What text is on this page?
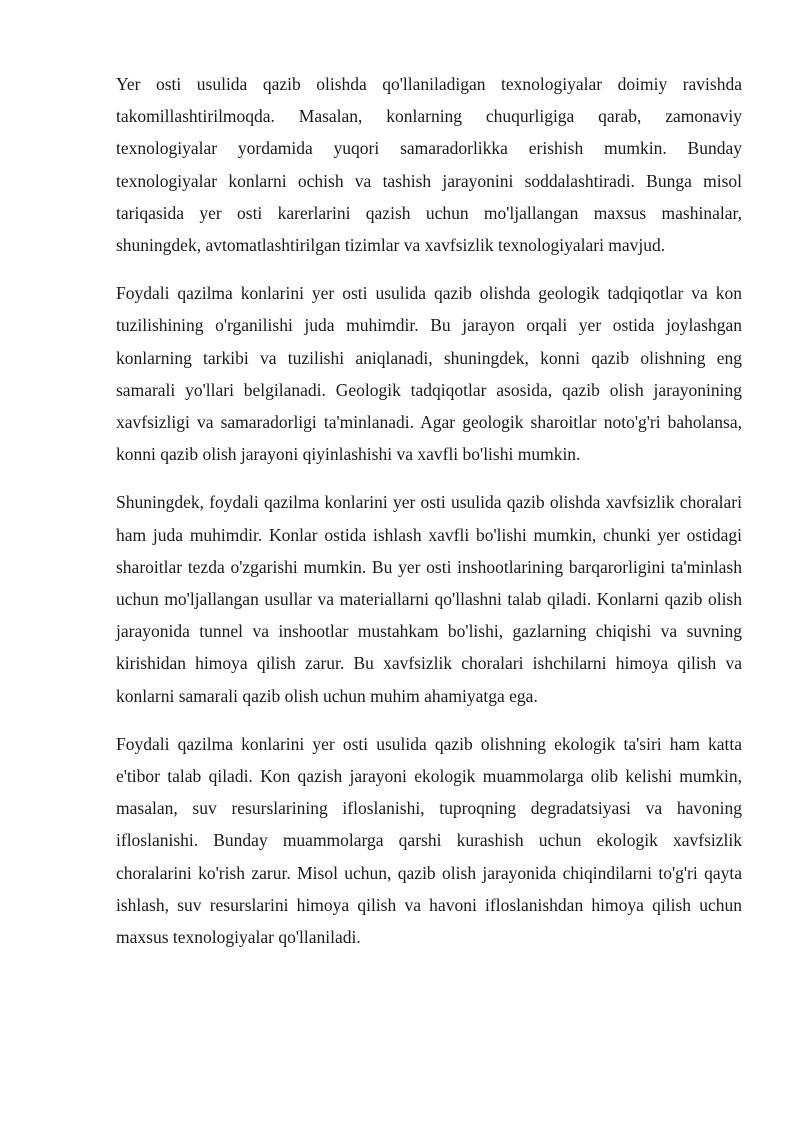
Yer osti usulida qazib olishda qo'llaniladigan texnologiyalar doimiy ravishda takomillashtirilmoqda. Masalan, konlarning chuqurligiga qarab, zamonaviy texnologiyalar yordamida yuqori samaradorlikka erishish mumkin. Bunday texnologiyalar konlarni ochish va tashish jarayonini soddalashtiradi. Bunga misol tariqasida yer osti karerlarini qazish uchun mo'ljallangan maxsus mashinalar, shuningdek, avtomatlashtirilgan tizimlar va xavfsizlik texnologiyalari mavjud.

Foydali qazilma konlarini yer osti usulida qazib olishda geologik tadqiqotlar va kon tuzilishining o'rganilishi juda muhimdir. Bu jarayon orqali yer ostida joylashgan konlarning tarkibi va tuzilishi aniqlanadi, shuningdek, konni qazib olishning eng samarali yo'llari belgilanadi. Geologik tadqiqotlar asosida, qazib olish jarayonining xavfsizligi va samaradorligi ta'minlanadi. Agar geologik sharoitlar noto'g'ri baholansa, konni qazib olish jarayoni qiyinlashishi va xavfli bo'lishi mumkin.

Shuningdek, foydali qazilma konlarini yer osti usulida qazib olishda xavfsizlik choralari ham juda muhimdir. Konlar ostida ishlash xavfli bo'lishi mumkin, chunki yer ostidagi sharoitlar tezda o'zgarishi mumkin. Bu yer osti inshootlarining barqarorligini ta'minlash uchun mo'ljallangan usullar va materiallarni qo'llashni talab qiladi. Konlarni qazib olish jarayonida tunnel va inshootlar mustahkam bo'lishi, gazlarning chiqishi va suvning kirishidan himoya qilish zarur. Bu xavfsizlik choralari ishchilarni himoya qilish va konlarni samarali qazib olish uchun muhim ahamiyatga ega.

Foydali qazilma konlarini yer osti usulida qazib olishning ekologik ta'siri ham katta e'tibor talab qiladi. Kon qazish jarayoni ekologik muammolarga olib kelishi mumkin, masalan, suv resurslarining ifloslanishi, tuproqning degradatsiyasi va havoning ifloslanishi. Bunday muammolarga qarshi kurashish uchun ekologik xavfsizlik choralarini ko'rish zarur. Misol uchun, qazib olish jarayonida chiqindilarni to'g'ri qayta ishlash, suv resurslarini himoya qilish va havoni ifloslanishdan himoya qilish uchun maxsus texnologiyalar qo'llaniladi.
